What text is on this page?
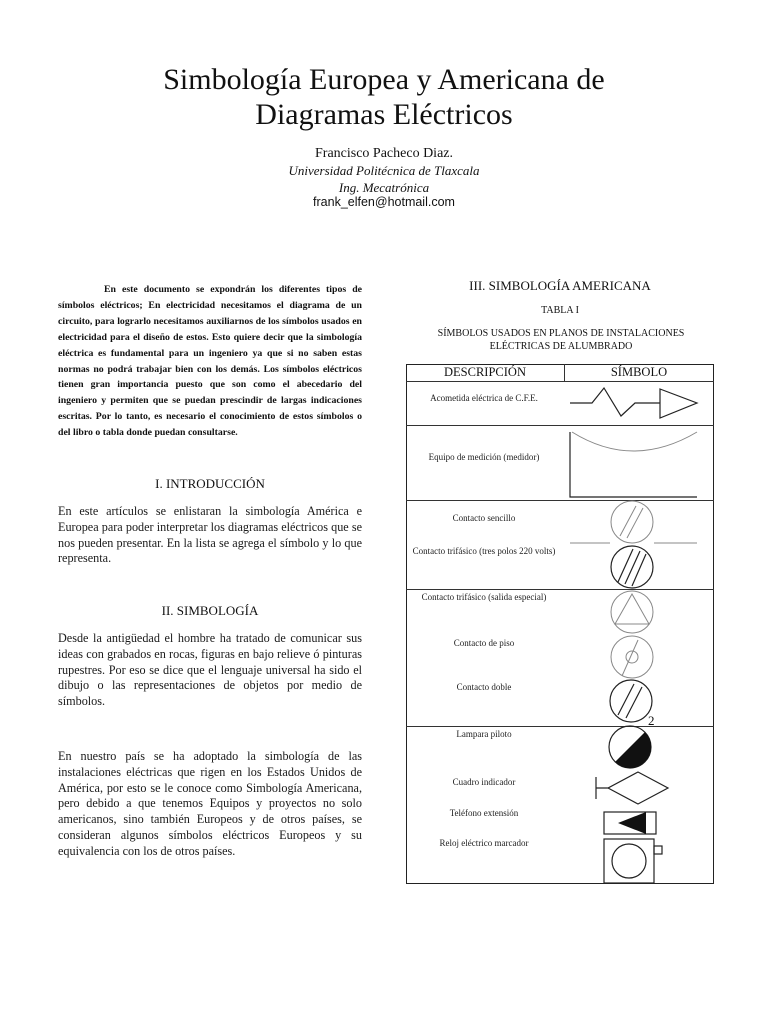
Simbología Europea y Americana de
Diagramas Eléctricos
Francisco Pacheco Diaz.
Universidad Politécnica de Tlaxcala
Ing. Mecatrónica
frank_elfen@hotmail.com
En este documento se expondrán los diferentes tipos de símbolos eléctricos; En electricidad necesitamos el diagrama de un circuito, para lograrlo necesitamos auxiliarnos de los símbolos usados en electricidad para el diseño de estos. Esto quiere decir que la simbología eléctrica es fundamental para un ingeniero ya que si no saben estas normas no podrá trabajar bien con los demás. Los símbolos eléctricos tienen gran importancia puesto que son como el abecedario del ingeniero y permiten que se puedan prescindir de largas indicaciones escritas. Por lo tanto, es necesario el conocimiento de estos símbolos o del libro o tabla donde puedan consultarse.
I. INTRODUCCIÓN
En este artículos se enlistaran la simbología América e Europea para poder interpretar los diagramas eléctricos que se nos pueden presentar. En la lista se agrega el símbolo y lo que representa.
II. SIMBOLOGÍA
Desde la antigüedad el hombre ha tratado de comunicar sus ideas con grabados en rocas, figuras en bajo relieve ó pinturas rupestres. Por eso se dice que el lenguaje universal ha sido el dibujo o las representaciones de objetos por medio de símbolos.
En nuestro país se ha adoptado la simbología de las instalaciones eléctricas que rigen en los Estados Unidos de América, por esto se le conoce como Simbología Americana, pero debido a que tenemos Equipos y proyectos no solo americanos, sino también Europeos y de otros países, se consideran algunos símbolos eléctricos Europeos y su equivalencia con los de otros países.
III. SIMBOLOGÍA AMERICANA
TABLA I
SÍMBOLOS USADOS EN PLANOS DE INSTALACIONES ELÉCTRICAS DE ALUMBRADO
DESCRIPCIÓN	SÍMBOLO
Acometida eléctrica de C.F.E.
Equipo de medición (medidor)
Contacto sencillo
Contacto trifásico (tres polos 220 volts)
Contacto trifásico (salida especial)
Contacto de piso
Contacto doble
Lampara piloto
Cuadro indicador
Teléfono extensión
Reloj eléctrico marcador
2
